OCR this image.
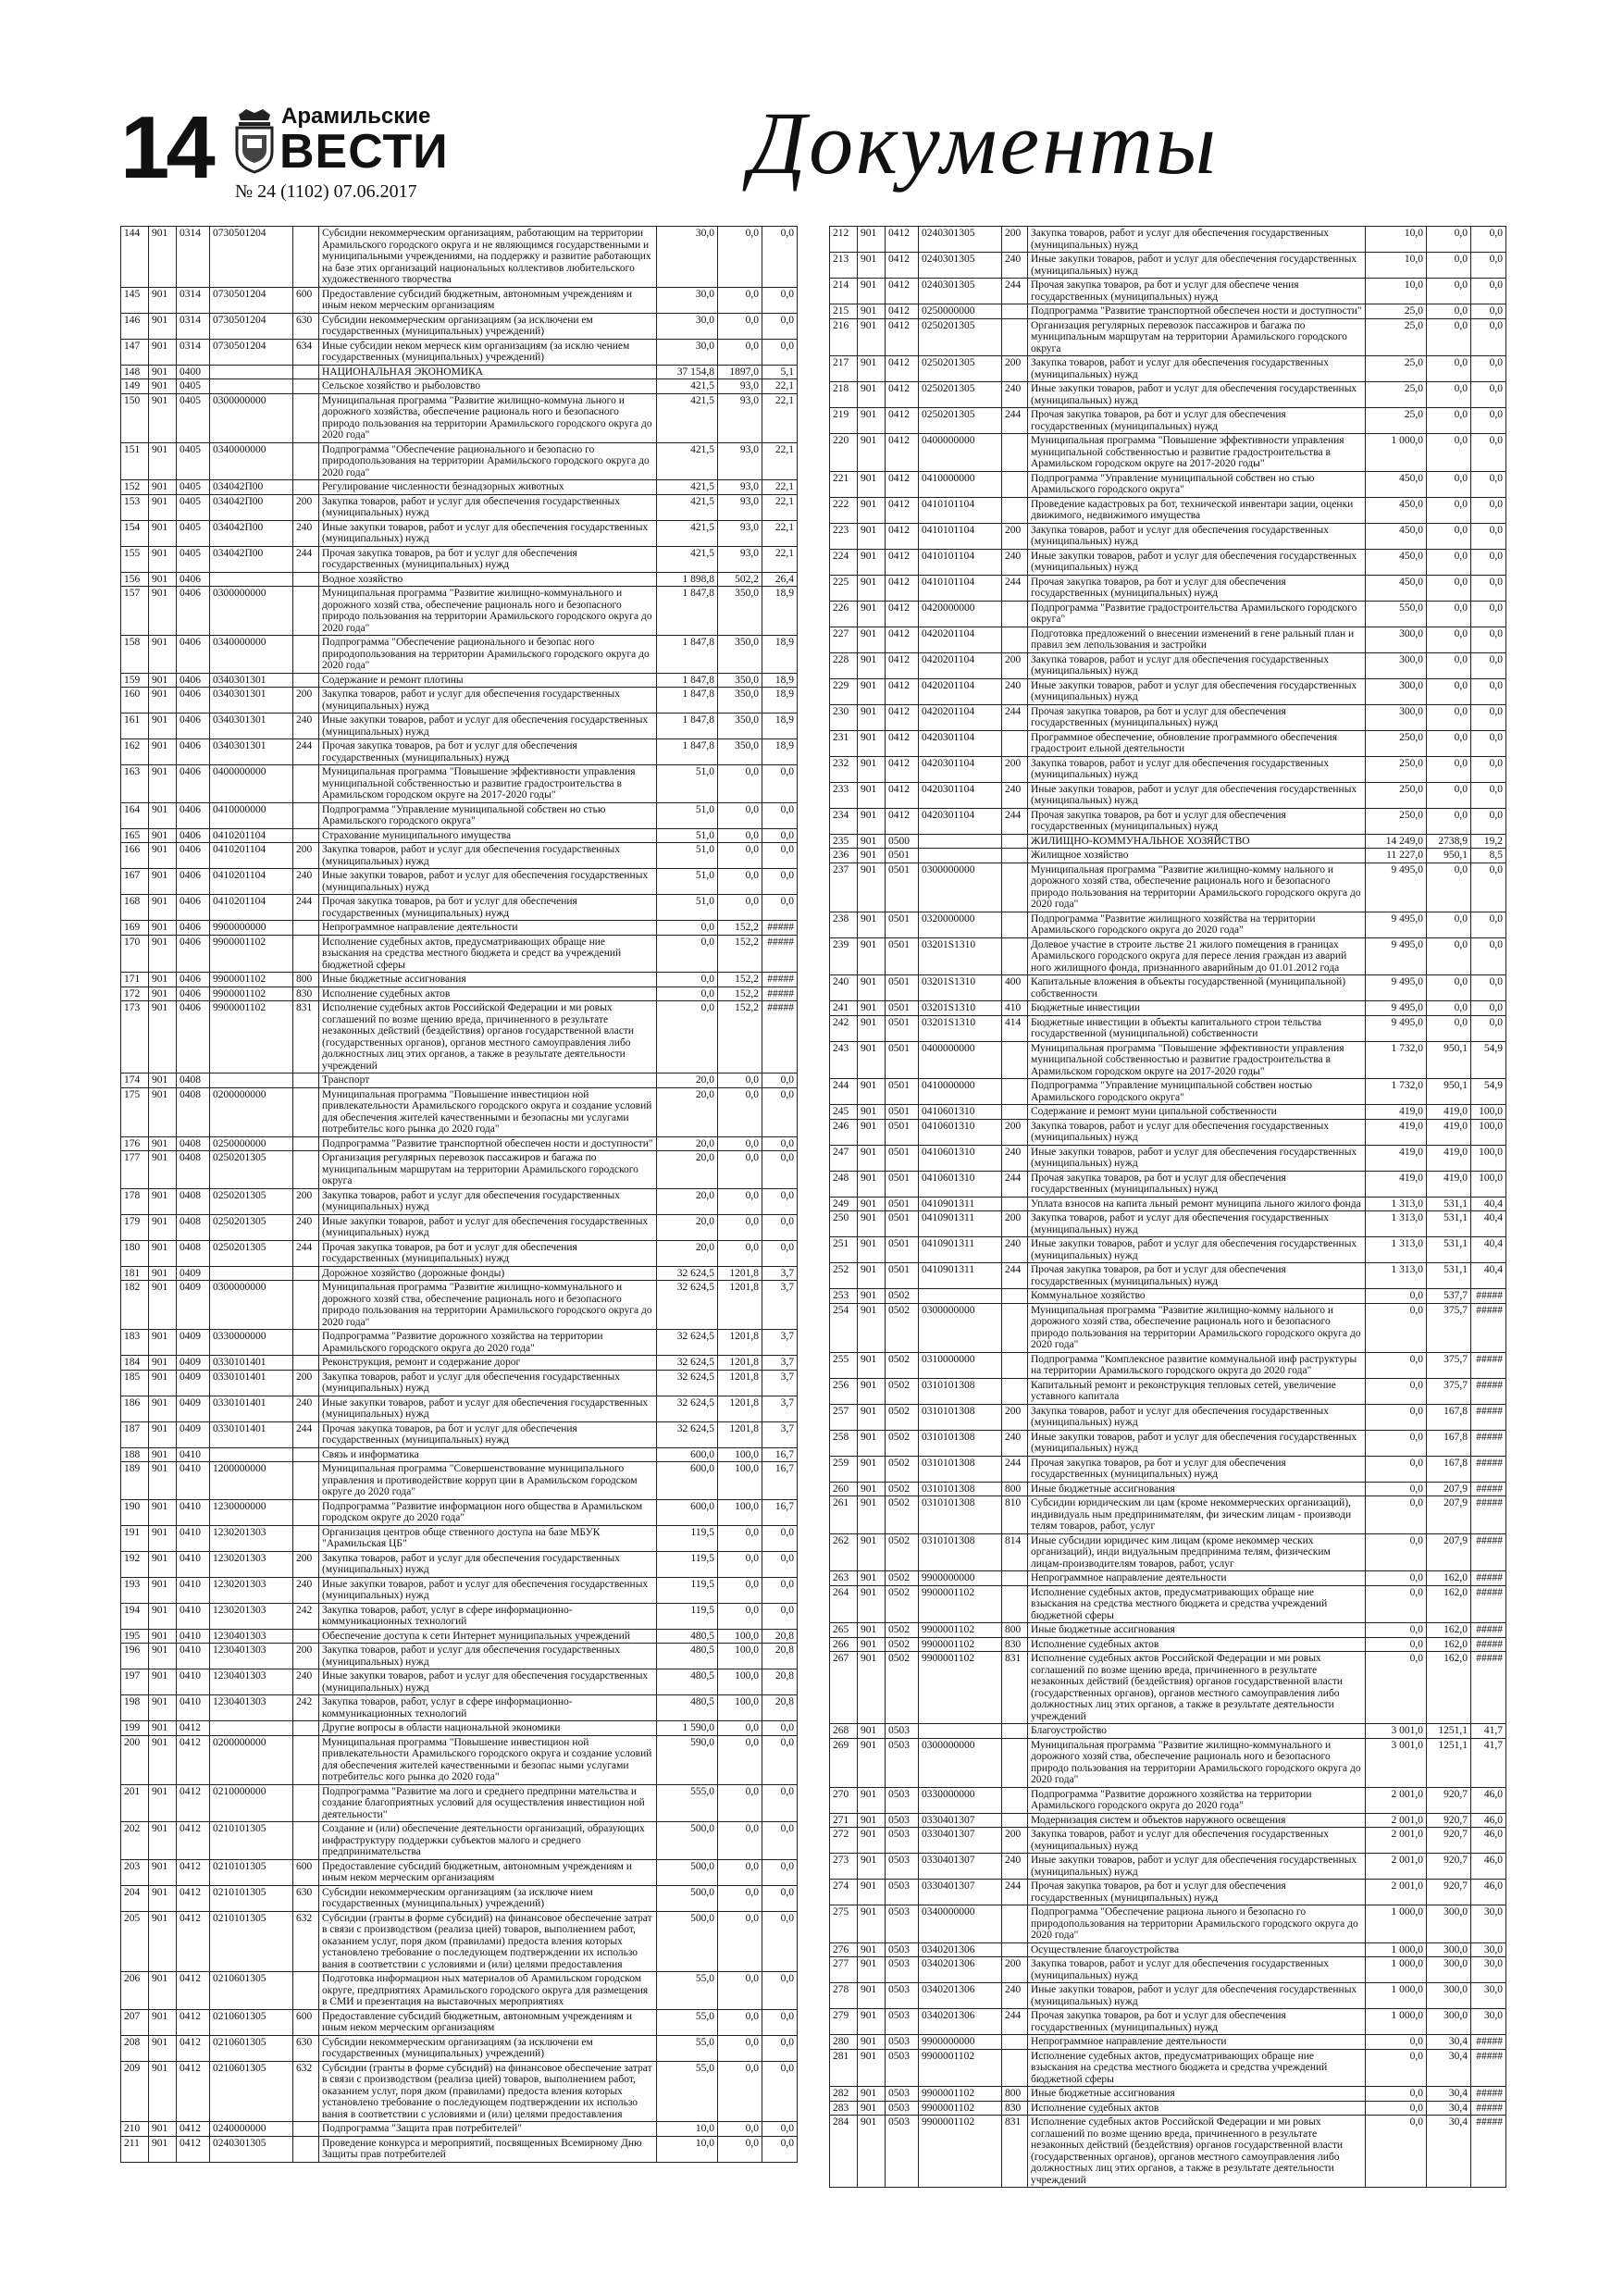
14	Арамильские
ВЕСТИ
№ 24 (1102) 07.06.2017	Документы
144	901	0314	0730501204		Субсидии некоммерческим организациям, работающим на территории Арамильского городского округа и не являющимся государственными и муниципальными учреждениями, на поддержку и развитие работающих на базе этих организаций национальных коллективов любительского художественного творчества	30,0	0,0	0,0
145	901	0314	0730501204	600	Предоставление субсидий бюджетным, автономным учреждениям и иным неком мерческим организациям	30,0	0,0	0,0
146	901	0314	0730501204	630	Субсидии некоммерческим организациям (за исключени ем государственных (муниципальных) учреждений)	30,0	0,0	0,0
147	901	0314	0730501204	634	Иные субсидии неком мерческ ким организациям (за исклю чением государственных (муниципальных) учреждений)	30,0	0,0	0,0
148	901	0400			НАЦИОНАЛЬНАЯ ЭКОНОМИКА	37 154,8	1897,0	5,1
149	901	0405			Сельское хозяйство и рыболовство	421,5	93,0	22,1
150	901	0405	0300000000		Муниципальная программа "Развитие жилищно-коммуна льного и дорожного хозяйства, обеспечение рациональ ного и безопасного природо пользования на территории Арамильского городского округа до 2020 года"	421,5	93,0	22,1
151	901	0405	0340000000		Подпрограмма "Обеспечение рационального и безопасно го природопользования на территории Арамильского городского округа до 2020 года"	421,5	93,0	22,1
152	901	0405	034042П00		Регулирование численности безнадзорных животных	421,5	93,0	22,1
153	901	0405	034042П00	200	Закупка товаров, работ и услуг для обеспечения государственных (муниципальных) нужд	421,5	93,0	22,1
154	901	0405	034042П00	240	Иные закупки товаров, работ и услуг для обеспечения государственных (муниципальных) нужд	421,5	93,0	22,1
155	901	0405	034042П00	244	Прочая закупка товаров, ра бот и услуг для обеспечения государственных (муниципальных) нужд	421,5	93,0	22,1
156	901	0406			Водное хозяйство	1 898,8	502,2	26,4
157	901	0406	0300000000		Муниципальная программа "Развитие жилищно-коммунального и дорожного хозяй ства, обеспечение рациональ ного и безопасного природо пользования на территории Арамильского городского округа до 2020 года"	1 847,8	350,0	18,9
158	901	0406	0340000000		Подпрограмма "Обеспечение рационального и безопас ного природопользования на территории Арамильского городского округа до 2020 года"	1 847,8	350,0	18,9
159	901	0406	0340301301		Содержание и ремонт плотины	1 847,8	350,0	18,9
160	901	0406	0340301301	200	Закупка товаров, работ и услуг для обеспечения государственных (муниципальных) нужд	1 847,8	350,0	18,9
161	901	0406	0340301301	240	Иные закупки товаров, работ и услуг для обеспечения государственных (муниципальных) нужд	1 847,8	350,0	18,9
162	901	0406	0340301301	244	Прочая закупка товаров, ра бот и услуг для обеспечения государственных (муниципальных) нужд	1 847,8	350,0	18,9
163	901	0406	0400000000		Муниципальная программа "Повышение эффективности управления муниципальной собственностью и развитие градостроительства в Арамильском городском округе на 2017-2020 годы"	51,0	0,0	0,0
164	901	0406	0410000000		Подпрограмма "Управление муниципальной собствен но стью Арамильского городского округа"	51,0	0,0	0,0
165	901	0406	0410201104		Страхование муниципального имущества	51,0	0,0	0,0
166	901	0406	0410201104	200	Закупка товаров, работ и услуг для обеспечения государственных (муниципальных) нужд	51,0	0,0	0,0
167	901	0406	0410201104	240	Иные закупки товаров, работ и услуг для обеспечения государственных (муниципальных) нужд	51,0	0,0	0,0
168	901	0406	0410201104	244	Прочая закупка товаров, ра бот и услуг для обеспечения государственных (муниципальных) нужд	51,0	0,0	0,0
169	901	0406	9900000000		Непрограммное направление деятельности	0,0	152,2	#####
170	901	0406	9900001102		Исполнение судебных актов, предусматривающих обраще ние взыскания на средства местного бюджета и средст ва учреждений бюджетной сферы	0,0	152,2	#####
171	901	0406	9900001102	800	Иные бюджетные ассигнования	0,0	152,2	#####
172	901	0406	9900001102	830	Исполнение судебных актов	0,0	152,2	#####
173	901	0406	9900001102	831	Исполнение судебных актов Российской Федерации и ми ровых соглашений по возме щению вреда, причиненного в результате незаконных действий (бездействия) органов государственной власти (государственных органов), органов местного самоуправления либо должностных лиц этих органов, а также в результате деятельности учреждений	0,0	152,2	#####
174	901	0408			Транспорт	20,0	0,0	0,0
175	901	0408	0200000000		Муниципальная программа "Повышение инвестицион ной привлекательности Арамильского городского округа и создание условий для обеспечения жителей качественными и безопасны ми услугами потребительс кого рынка до 2020 года"	20,0	0,0	0,0
176	901	0408	0250000000		Подпрограмма "Развитие транспортной обеспечен ности и доступности"	20,0	0,0	0,0
177	901	0408	0250201305		Организация регулярных перевозок пассажиров и багажа по муниципальным маршрутам на территории Арамильского городского округа	20,0	0,0	0,0
178	901	0408	0250201305	200	Закупка товаров, работ и услуг для обеспечения государственных (муниципальных) нужд	20,0	0,0	0,0
179	901	0408	0250201305	240	Иные закупки товаров, работ и услуг для обеспечения государственных (муниципальных) нужд	20,0	0,0	0,0
180	901	0408	0250201305	244	Прочая закупка товаров, ра бот и услуг для обеспечения государственных (муниципальных) нужд	20,0	0,0	0,0
181	901	0409			Дорожное хозяйство (дорожные фонды)	32 624,5	1201,8	3,7
182	901	0409	0300000000		Муниципальная программа "Развитие жилищно-коммунального и дорожного хозяй ства, обеспечение рациональ ного и безопасного природо пользования на территории Арамильского городского округа до 2020 года"	32 624,5	1201,8	3,7
183	901	0409	0330000000		Подпрограмма "Развитие дорожного хозяйства на территории Арамильского городского округа до 2020 года"	32 624,5	1201,8	3,7
184	901	0409	0330101401		Реконструкция, ремонт и содержание дорог	32 624,5	1201,8	3,7
185	901	0409	0330101401	200	Закупка товаров, работ и услуг для обеспечения государственных (муниципальных) нужд	32 624,5	1201,8	3,7
186	901	0409	0330101401	240	Иные закупки товаров, работ и услуг для обеспечения государственных (муниципальных) нужд	32 624,5	1201,8	3,7
187	901	0409	0330101401	244	Прочая закупка товаров, ра бот и услуг для обеспечения государственных (муниципальных) нужд	32 624,5	1201,8	3,7
188	901	0410			Связь и информатика	600,0	100,0	16,7
189	901	0410	1200000000		Муниципальная программа "Совершенствование муниципального управления и противодействие корруп ции в Арамильском городском округе до 2020 года"	600,0	100,0	16,7
190	901	0410	1230000000		Подпрограмма "Развитие информацион ного общества в Арамильском городском округе до 2020 года"	600,0	100,0	16,7
191	901	0410	1230201303		Организация центров обще ственного доступа на базе МБУК "Арамильская ЦБ"	119,5	0,0	0,0
192	901	0410	1230201303	200	Закупка товаров, работ и услуг для обеспечения государственных (муниципальных) нужд	119,5	0,0	0,0
193	901	0410	1230201303	240	Иные закупки товаров, работ и услуг для обеспечения государственных (муниципальных) нужд	119,5	0,0	0,0
194	901	0410	1230201303	242	Закупка товаров, работ, услуг в сфере информационно-коммуникационных технологий	119,5	0,0	0,0
195	901	0410	1230401303		Обеспечение доступа к сети Интернет муниципальных учреждений	480,5	100,0	20,8
196	901	0410	1230401303	200	Закупка товаров, работ и услуг для обеспечения государственных (муниципальных) нужд	480,5	100,0	20,8
197	901	0410	1230401303	240	Иные закупки товаров, работ и услуг для обеспечения государственных (муниципальных) нужд	480,5	100,0	20,8
198	901	0410	1230401303	242	Закупка товаров, работ, услуг в сфере информационно-коммуникационных технологий	480,5	100,0	20,8
199	901	0412			Другие вопросы в области национальной экономики	1 590,0	0,0	0,0
200	901	0412	0200000000		Муниципальная программа "Повышение инвестицион ной привлекательности Арамильского городского округа и создание условий для обеспечения жителей качественными и безопас ными услугами потребительс кого рынка до 2020 года"	590,0	0,0	0,0
201	901	0412	0210000000		Подпрограмма "Развитие ма лого и среднего предприни мательства и создание благоприятных условий для осуществления инвестицион ной деятельности"	555,0	0,0	0,0
202	901	0412	0210101305		Создание и (или) обеспечение деятельности организаций, образующих инфраструктуру поддержки субъектов малого и среднего предпринимательства	500,0	0,0	0,0
203	901	0412	0210101305	600	Предоставление субсидий бюджетным, автономным учреждениям и иным неком мерческим организациям	500,0	0,0	0,0
204	901	0412	0210101305	630	Субсидии некоммерческим организациям (за исключе нием государственных (муниципальных) учреждений)	500,0	0,0	0,0
205	901	0412	0210101305	632	Субсидии (гранты в форме субсидий) на финансовое обеспечение затрат в связи с производством (реализа цией) товаров, выполнением работ, оказанием услуг, поря дком (правилами) предоста вления которых установлено требование о последующем подтверждении их использо вания в соответствии с условиями и (или) целями предоставления	500,0	0,0	0,0
206	901	0412	0210601305		Подготовка информацион ных материалов об Арамильском городском округе, предприятиях Арамильского городского округа для размещения в СМИ и презентация на выставочных мероприятиях	55,0	0,0	0,0
207	901	0412	0210601305	600	Предоставление субсидий бюджетным, автономным учреждениям и иным неком мерческим организациям	55,0	0,0	0,0
208	901	0412	0210601305	630	Субсидии некоммерческим организациям (за исключени ем государственных (муниципальных) учреждений)	55,0	0,0	0,0
209	901	0412	0210601305	632	Субсидии (гранты в форме субсидий) на финансовое обеспечение затрат в связи с производством (реализа цией) товаров, выполнением работ, оказанием услуг, поря дком (правилами) предоста вления которых установлено требование о последующем подтверждении их использо вания в соответствии с условиями и (или) целями предоставления	55,0	0,0	0,0
210	901	0412	0240000000		Подпрограмма "Защита прав потребителей"	10,0	0,0	0,0
211	901	0412	0240301305		Проведение конкурса и мероприятий, посвященных Всемирному Дню Защиты прав потребителей	10,0	0,0	0,0
212	901	0412	0240301305	200	Закупка товаров, работ и услуг для обеспечения государственных (муниципальных) нужд	10,0	0,0	0,0
213	901	0412	0240301305	240	Иные закупки товаров, работ и услуг для обеспечения государственных (муниципальных) нужд	10,0	0,0	0,0
214	901	0412	0240301305	244	Прочая закупка товаров, ра бот и услуг для обеспече чения государственных (муниципальных) нужд	10,0	0,0	0,0
215	901	0412	0250000000		Подпрограмма "Развитие транспортной обеспечен ности и доступности"	25,0	0,0	0,0
216	901	0412	0250201305		Организация регулярных перевозок пассажиров и багажа по муниципальным маршрутам на территории Арамильского городского округа	25,0	0,0	0,0
217	901	0412	0250201305	200	Закупка товаров, работ и услуг для обеспечения государственных (муниципальных) нужд	25,0	0,0	0,0
218	901	0412	0250201305	240	Иные закупки товаров, работ и услуг для обеспечения государственных (муниципальных) нужд	25,0	0,0	0,0
219	901	0412	0250201305	244	Прочая закупка товаров, ра бот и услуг для обеспечения государственных (муниципальных) нужд	25,0	0,0	0,0
220	901	0412	0400000000		Муниципальная программа "Повышение эффективности управления муниципальной собственностью и развитие градостроительства в Арамильском городском округе на 2017-2020 годы"	1 000,0	0,0	0,0
221	901	0412	0410000000		Подпрограмма "Управление муниципальной собствен но стью Арамильского городского округа"	450,0	0,0	0,0
222	901	0412	0410101104		Проведение кадастровых ра бот, технической инвентари зации, оценки движимого, недвижимого имущества	450,0	0,0	0,0
223	901	0412	0410101104	200	Закупка товаров, работ и услуг для обеспечения государственных (муниципальных) нужд	450,0	0,0	0,0
224	901	0412	0410101104	240	Иные закупки товаров, работ и услуг для обеспечения государственных (муниципальных) нужд	450,0	0,0	0,0
225	901	0412	0410101104	244	Прочая закупка товаров, ра бот и услуг для обеспечения государственных (муниципальных) нужд	450,0	0,0	0,0
226	901	0412	0420000000		Подпрограмма "Развитие градостроительства Арамильского городского округа"	550,0	0,0	0,0
227	901	0412	0420201104		Подготовка предложений о внесении изменений в гене ральный план и правил зем лепользования и застройки	300,0	0,0	0,0
228	901	0412	0420201104	200	Закупка товаров, работ и услуг для обеспечения государственных (муниципальных) нужд	300,0	0,0	0,0
229	901	0412	0420201104	240	Иные закупки товаров, работ и услуг для обеспечения государственных (муниципальных) нужд	300,0	0,0	0,0
230	901	0412	0420201104	244	Прочая закупка товаров, ра бот и услуг для обеспечения государственных (муниципальных) нужд	300,0	0,0	0,0
231	901	0412	0420301104		Программное обеспечение, обновление программного обеспечения градостроит ельной деятельности	250,0	0,0	0,0
232	901	0412	0420301104	200	Закупка товаров, работ и услуг для обеспечения государственных (муниципальных) нужд	250,0	0,0	0,0
233	901	0412	0420301104	240	Иные закупки товаров, работ и услуг для обеспечения государственных (муниципальных) нужд	250,0	0,0	0,0
234	901	0412	0420301104	244	Прочая закупка товаров, ра бот и услуг для обеспечения государственных (муниципальных) нужд	250,0	0,0	0,0
235	901	0500			ЖИЛИЩНО-КОММУНАЛЬНОЕ ХОЗЯЙСТВО	14 249,0	2738,9	19,2
236	901	0501			Жилищное хозяйство	11 227,0	950,1	8,5
237	901	0501	0300000000		Муниципальная программа "Развитие жилищно-комму нального и дорожного хозяй ства, обеспечение рациональ ного и безопасного природо пользования на территории Арамильского городского округа до 2020 года"	9 495,0	0,0	0,0
238	901	0501	0320000000		Подпрограмма "Развитие жилищного хозяйства на территории Арамильского городского округа до 2020 года"	9 495,0	0,0	0,0
239	901	0501	03201S1310		Долевое участие в строите льстве 21 жилого помещения в границах Арамильского городского округа для пересе ления граждан из аварий ного жилищного фонда, признанного аварийным до 01.01.2012 года	9 495,0	0,0	0,0
240	901	0501	03201S1310	400	Капитальные вложения в объекты государственной (муниципальной) собственности	9 495,0	0,0	0,0
241	901	0501	03201S1310	410	Бюджетные инвестиции	9 495,0	0,0	0,0
242	901	0501	03201S1310	414	Бюджетные инвестиции в объекты капитального строи тельства государственной (муниципальной) собственности	9 495,0	0,0	0,0
243	901	0501	0400000000		Муниципальная программа "Повышение эффективности управления муниципальной собственностью и развитие градостроительства в Арамильском городском округе на 2017-2020 годы"	1 732,0	950,1	54,9
244	901	0501	0410000000		Подпрограмма "Управление муниципальной собствен ностью Арамильского городского округа"	1 732,0	950,1	54,9
245	901	0501	0410601310		Содержание и ремонт муни ципальной собственности	419,0	419,0	100,0
246	901	0501	0410601310	200	Закупка товаров, работ и услуг для обеспечения государственных (муниципальных) нужд	419,0	419,0	100,0
247	901	0501	0410601310	240	Иные закупки товаров, работ и услуг для обеспечения государственных (муниципальных) нужд	419,0	419,0	100,0
248	901	0501	0410601310	244	Прочая закупка товаров, ра бот и услуг для обеспечения государственных (муниципальных) нужд	419,0	419,0	100,0
249	901	0501	0410901311		Уплата взносов на капита льный ремонт муниципа льного жилого фонда	1 313,0	531,1	40,4
250	901	0501	0410901311	200	Закупка товаров, работ и услуг для обеспечения государственных (муниципальных) нужд	1 313,0	531,1	40,4
251	901	0501	0410901311	240	Иные закупки товаров, работ и услуг для обеспечения государственных (муниципальных) нужд	1 313,0	531,1	40,4
252	901	0501	0410901311	244	Прочая закупка товаров, ра бот и услуг для обеспечения государственных (муниципальных) нужд	1 313,0	531,1	40,4
253	901	0502			Коммунальное хозяйство	0,0	537,7	#####
254	901	0502	0300000000		Муниципальная программа "Развитие жилищно-комму нального и дорожного хозяй ства, обеспечение рациональ ного и безопасного природо пользования на территории Арамильского городского округа до 2020 года"	0,0	375,7	#####
255	901	0502	0310000000		Подпрограмма "Комплексное развитие коммунальной инф раструктуры на территории Арамильского городского округа до 2020 года"	0,0	375,7	#####
256	901	0502	0310101308		Капитальный ремонт и реконструкция тепловых сетей, увеличение уставного капитала	0,0	375,7	#####
257	901	0502	0310101308	200	Закупка товаров, работ и услуг для обеспечения государственных (муниципальных) нужд	0,0	167,8	#####
258	901	0502	0310101308	240	Иные закупки товаров, работ и услуг для обеспечения государственных (муниципальных) нужд	0,0	167,8	#####
259	901	0502	0310101308	244	Прочая закупка товаров, ра бот и услуг для обеспечения государственных (муниципальных) нужд	0,0	167,8	#####
260	901	0502	0310101308	800	Иные бюджетные ассигнования	0,0	207,9	#####
261	901	0502	0310101308	810	Субсидии юридическим ли цам (кроме некоммерческих организаций), индивидуаль ным предпринимателям, фи зическим лицам - производи телям товаров, работ, услуг	0,0	207,9	#####
262	901	0502	0310101308	814	Иные субсидии юридичес ким лицам (кроме некоммер ческих организаций), инди видуальным предпринима телям, физическим лицам-производителям товаров, работ, услуг	0,0	207,9	#####
263	901	0502	9900000000		Непрограммное направление деятельности	0,0	162,0	#####
264	901	0502	9900001102		Исполнение судебных актов, предусматривающих обраще ние взыскания на средства местного бюджета и средства учреждений бюджетной сферы	0,0	162,0	#####
265	901	0502	9900001102	800	Иные бюджетные ассигнования	0,0	162,0	#####
266	901	0502	9900001102	830	Исполнение судебных актов	0,0	162,0	#####
267	901	0502	9900001102	831	Исполнение судебных актов Российской Федерации и ми ровых соглашений по возме щению вреда, причиненного в результате незаконных действий (бездействия) органов государственной власти (государственных органов), органов местного самоуправления либо должностных лиц этих органов, а также в результате деятельности учреждений	0,0	162,0	#####
268	901	0503			Благоустройство	3 001,0	1251,1	41,7
269	901	0503	0300000000		Муниципальная программа "Развитие жилищно-коммунального и дорожного хозяй ства, обеспечение рациональ ного и безопасного природо пользования на территории Арамильского городского округа до 2020 года"	3 001,0	1251,1	41,7
270	901	0503	0330000000		Подпрограмма "Развитие дорожного хозяйства на территории Арамильского городского округа до 2020 года"	2 001,0	920,7	46,0
271	901	0503	0330401307		Модернизация систем и объектов наружного освещения	2 001,0	920,7	46,0
272	901	0503	0330401307	200	Закупка товаров, работ и услуг для обеспечения государственных (муниципальных) нужд	2 001,0	920,7	46,0
273	901	0503	0330401307	240	Иные закупки товаров, работ и услуг для обеспечения государственных (муниципальных) нужд	2 001,0	920,7	46,0
274	901	0503	0330401307	244	Прочая закупка товаров, ра бот и услуг для обеспечения государственных (муниципальных) нужд	2 001,0	920,7	46,0
275	901	0503	0340000000		Подпрограмма "Обеспечение рациона льного и безопасно го природопользования на территории Арамильского городского округа до 2020 года"	1 000,0	300,0	30,0
276	901	0503	0340201306		Осуществление благоустройства	1 000,0	300,0	30,0
277	901	0503	0340201306	200	Закупка товаров, работ и услуг для обеспечения государственных (муниципальных) нужд	1 000,0	300,0	30,0
278	901	0503	0340201306	240	Иные закупки товаров, работ и услуг для обеспечения государственных (муниципальных) нужд	1 000,0	300,0	30,0
279	901	0503	0340201306	244	Прочая закупка товаров, ра бот и услуг для обеспечения государственных (муниципальных) нужд	1 000,0	300,0	30,0
280	901	0503	9900000000		Непрограммное направление деятельности	0,0	30,4	#####
281	901	0503	9900001102		Исполнение судебных актов, предусматривающих обраще ние взыскания на средства местного бюджета и средства учреждений бюджетной сферы	0,0	30,4	#####
282	901	0503	9900001102	800	Иные бюджетные ассигнования	0,0	30,4	#####
283	901	0503	9900001102	830	Исполнение судебных актов	0,0	30,4	#####
284	901	0503	9900001102	831	Исполнение судебных актов Российской Федерации и ми ровых соглашений по возме щению вреда, причиненного в результате незаконных действий (бездействия) органов государственной власти (государственных органов), органов местного самоуправления либо должностных лиц этих органов, а также в результате деятельности учреждений	0,0	30,4	#####
